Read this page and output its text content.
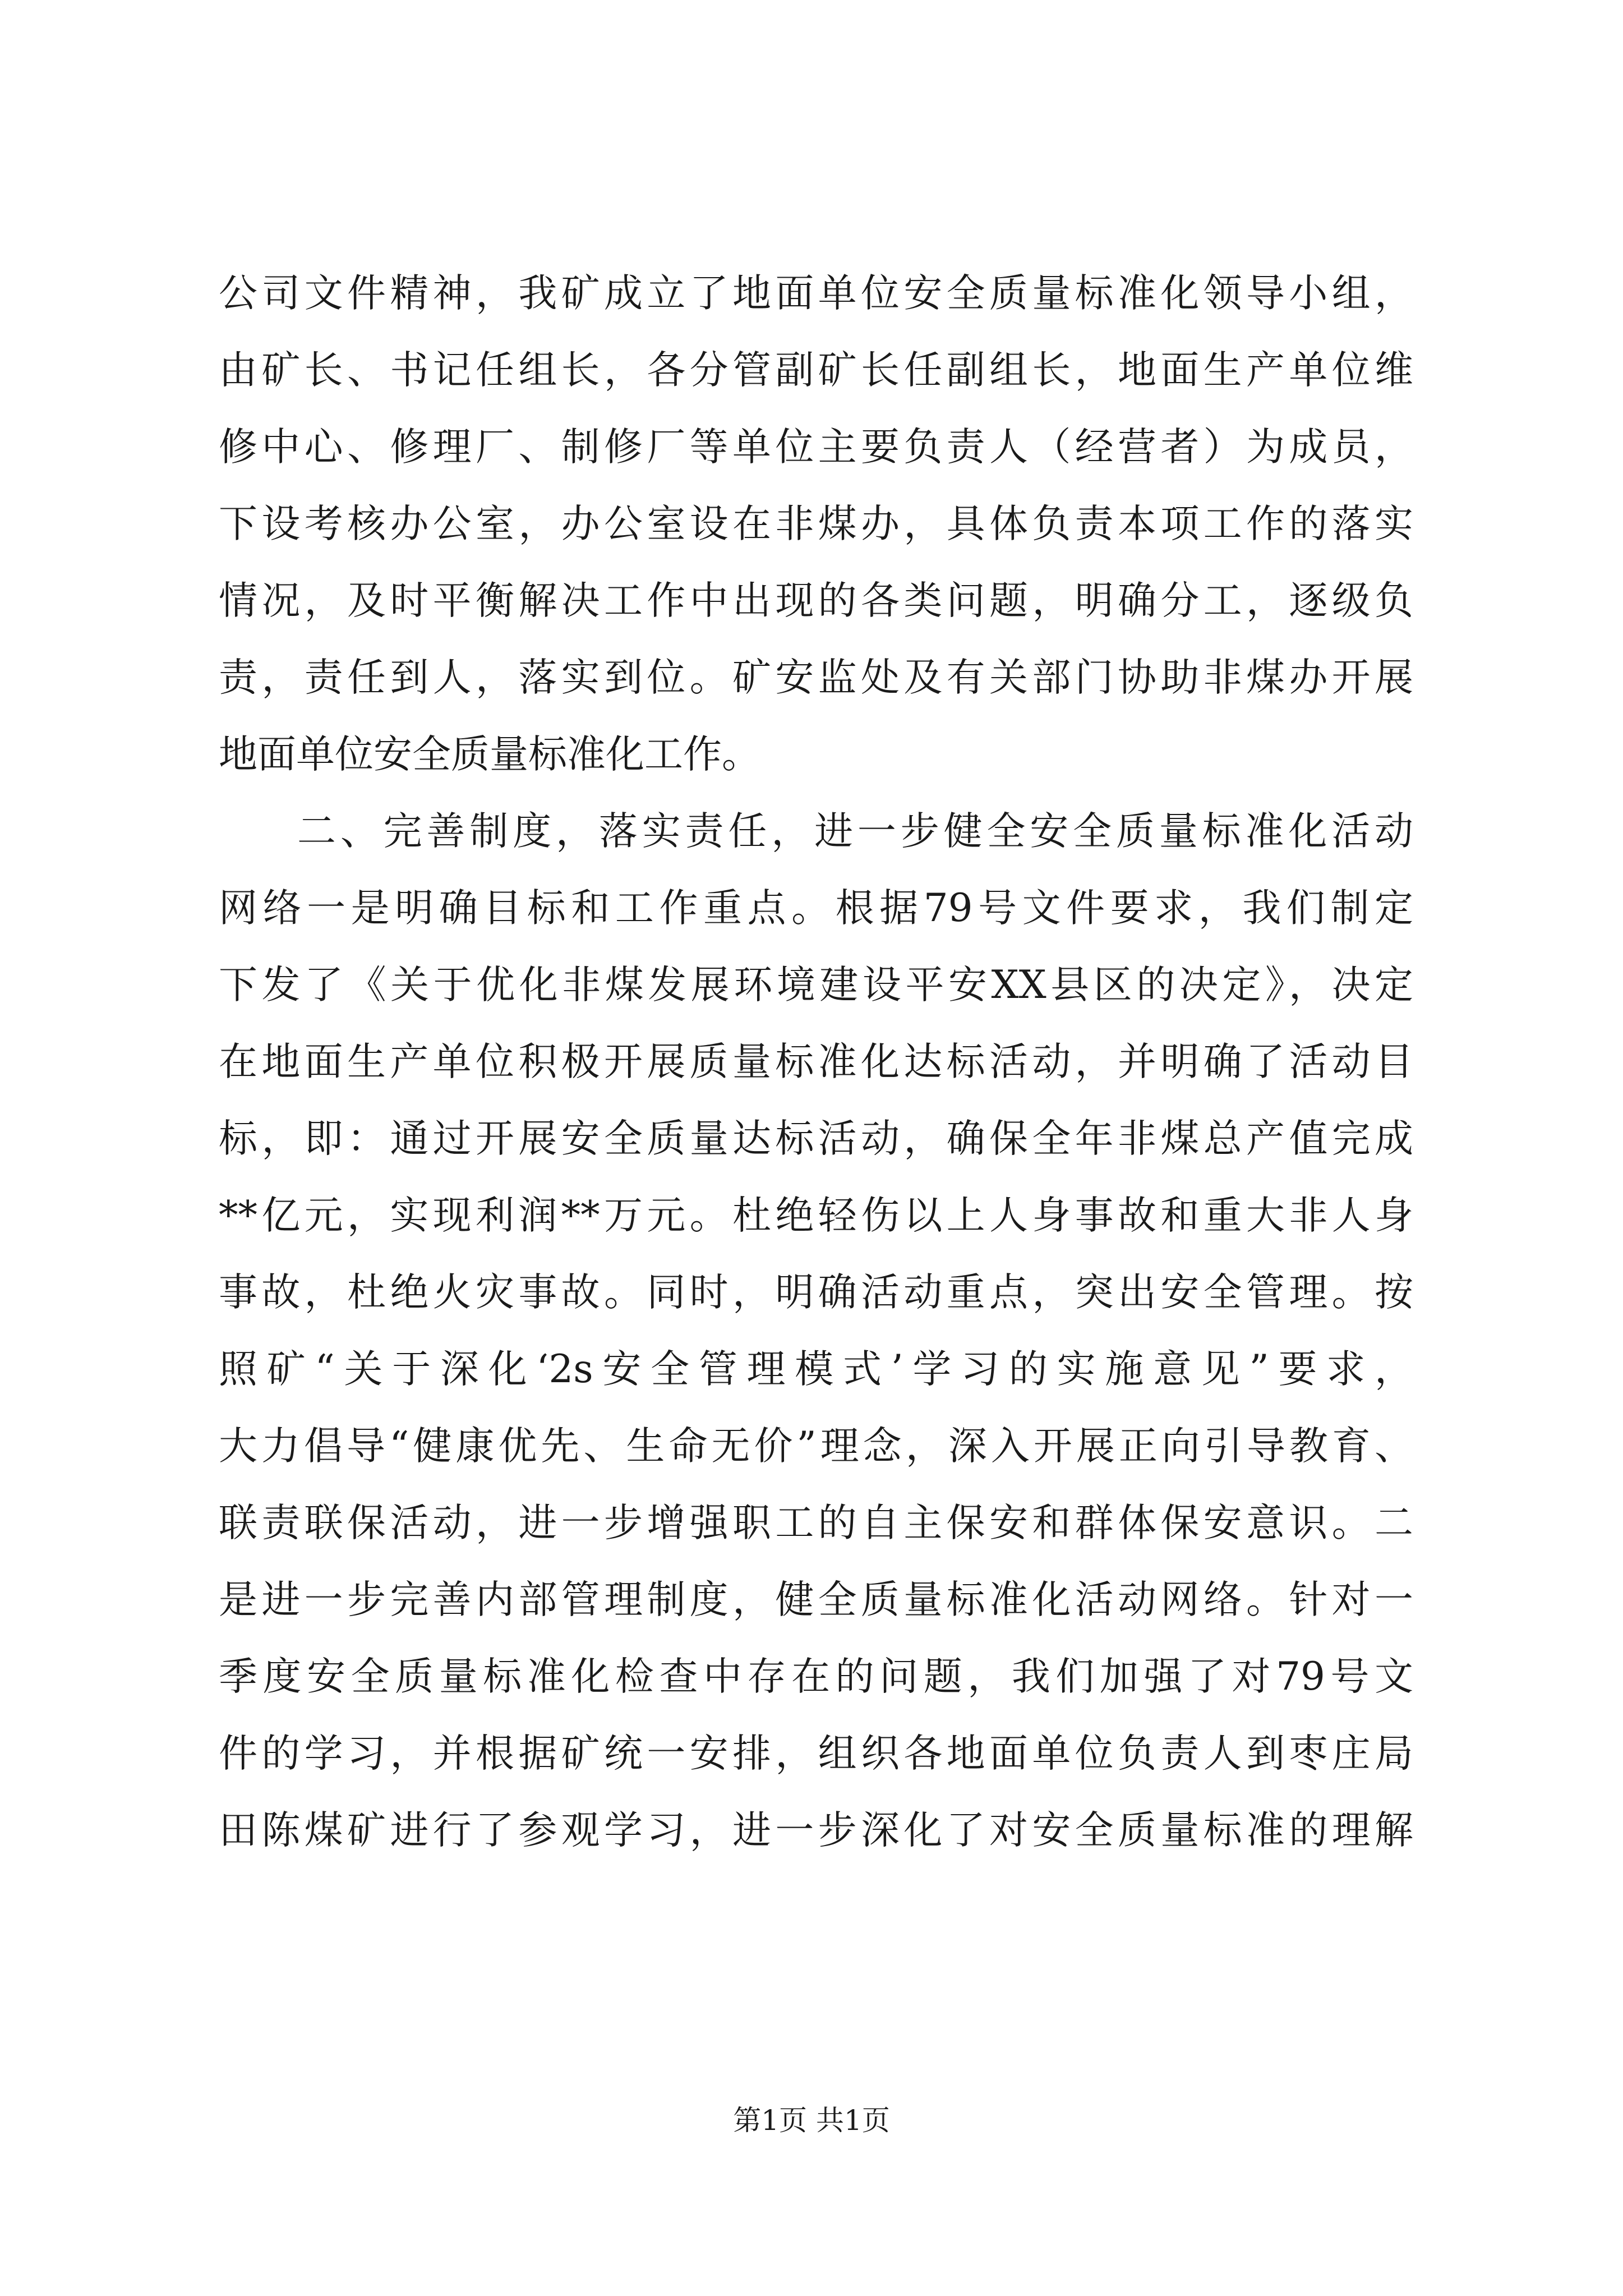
公司文件精神，我矿成立了地面单位安全质量标准化领导小组，
由矿长、书记任组长，各分管副矿长任副组长，地面生产单位维
修中心、修理厂、制修厂等单位主要负责人（经营者）为成员，
下设考核办公室，办公室设在非煤办，具体负责本项工作的落实
情况，及时平衡解决工作中出现的各类问题，明确分工，逐级负
责，责任到人，落实到位。矿安监处及有关部门协助非煤办开展
地面单位安全质量标准化工作。
二、完善制度，落实责任，进一步健全安全质量标准化活动
网络一是明确目标和工作重点。根据79号文件要求，我们制定
下发了《关于优化非煤发展环境建设平安XX县区的决定》，决定
在地面生产单位积极开展质量标准化达标活动，并明确了活动目
标，即：通过开展安全质量达标活动，确保全年非煤总产值完成
**亿元，实现利润**万元。杜绝轻伤以上人身事故和重大非人身
事故，杜绝火灾事故。同时，明确活动重点，突出安全管理。按
照矿“关于深化‘2s安全管理模式’学习的实施意见”要求，
大力倡导“健康优先、生命无价”理念，深入开展正向引导教育、
联责联保活动，进一步增强职工的自主保安和群体保安意识。二
是进一步完善内部管理制度，健全质量标准化活动网络。针对一
季度安全质量标准化检查中存在的问题，我们加强了对79号文
件的学习，并根据矿统一安排，组织各地面单位负责人到枣庄局
田陈煤矿进行了参观学习，进一步深化了对安全质量标准的理解
第1页 共1页
